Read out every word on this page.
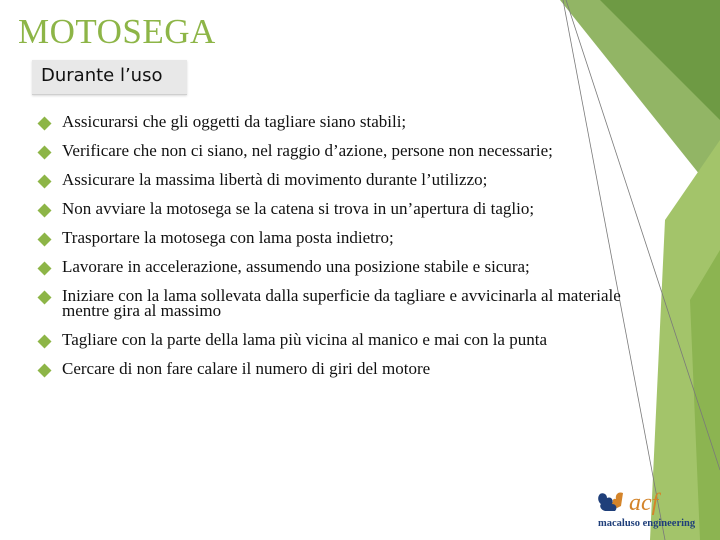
MOTOSEGA
Durante l’uso
Assicurarsi che gli oggetti da tagliare siano stabili;
Verificare che non ci siano, nel raggio d’azione, persone non necessarie;
Assicurare la massima libertà di movimento durante l’utilizzo;
Non avviare la motosega se la catena si trova in un’apertura di taglio;
Trasportare la motosega con lama posta indietro;
Lavorare in accelerazione, assumendo una posizione stabile e sicura;
Iniziare con la lama sollevata dalla superficie da tagliare e avvicinarla al materiale mentre gira al massimo
Tagliare con la parte della lama più vicina al manico e mai con la punta
Cercare di non fare calare il numero di giri del motore
acf
macaluso engineering
